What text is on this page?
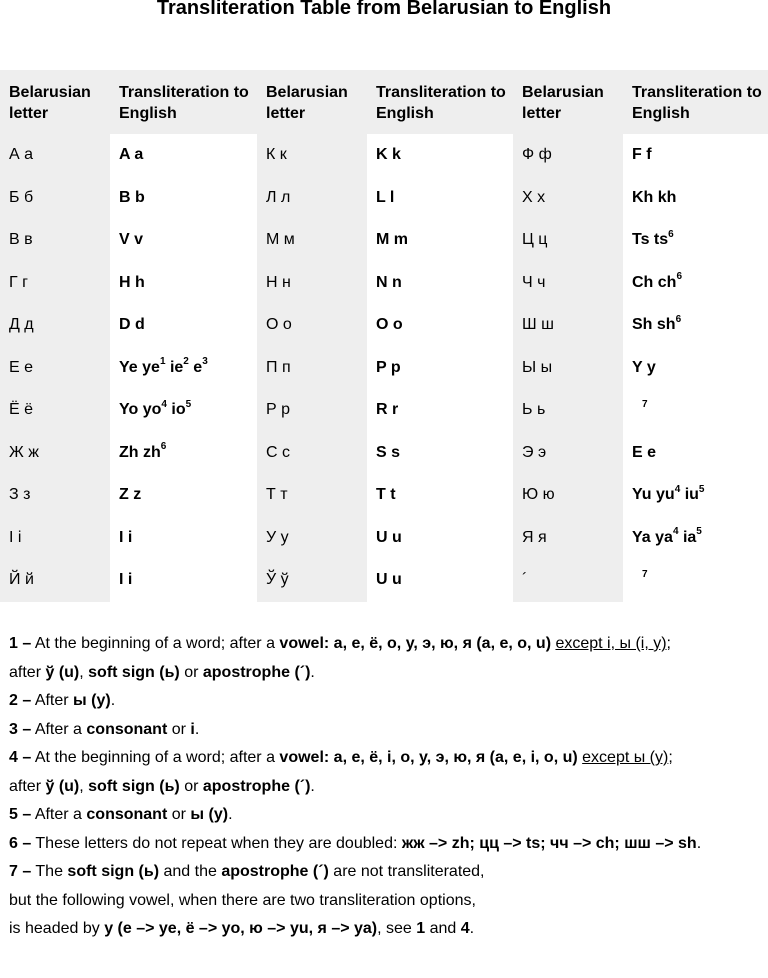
Transliteration Table from Belarusian to English
Belarusian letter	Transliteration to English	Belarusian letter	Transliteration to English	Belarusian letter	Transliteration to English
А а	A a	К к	K k	Ф ф	F f
Б б	B b	Л л	L l	Х х	Kh kh
В в	V v	М м	M m	Ц ц	Ts $ts^6$
Г г	H h	Н н	N n	Ч ч	Ch $ch^6$
Д д	D d	О о	O o	Ш ш	Sh $sh^6$
Е е	Ye $ye^1$ $ie^2$ $e^3$	П п	P p	Ы ы	Y y
Ё ё	Yo $yo^4$ $io^5$	Р р	R r	Ь ь	$^7$
Ж ж	Zh $zh^6$	С с	S s	Э э	E e
З з	Z z	Т т	T t	Ю ю	Yu $yu^4$ $iu^5$
І і	I i	У у	U u	Я я	Ya $ya^4$ $ia^5$
Й й	I i	Ў ў	U u	´	$^7$

1 – At the beginning of a word; after a vowel: а, е, ё, о, у, э, ю, я (a, e, o, u) except і, ы (i, y);

after ў (u), soft sign (ь) or apostrophe (´).

2 – After ы (y).

3 – After a consonant or і.

4 – At the beginning of a word; after a vowel: а, е, ё, і, о, у, э, ю, я (a, e, i, o, u) except ы (y);

after ў (u), soft sign (ь) or apostrophe (´).

5 – After a consonant or ы (y).

6 – These letters do not repeat when they are doubled: жж –> zh; цц –> ts; чч –> ch; шш –> sh.

7 – The soft sign (ь) and the apostrophe (´) are not transliterated,

but the following vowel, when there are two transliteration options,

is headed by y (е –> ye, ё –> yo, ю –> yu, я –> ya), see 1 and 4.
